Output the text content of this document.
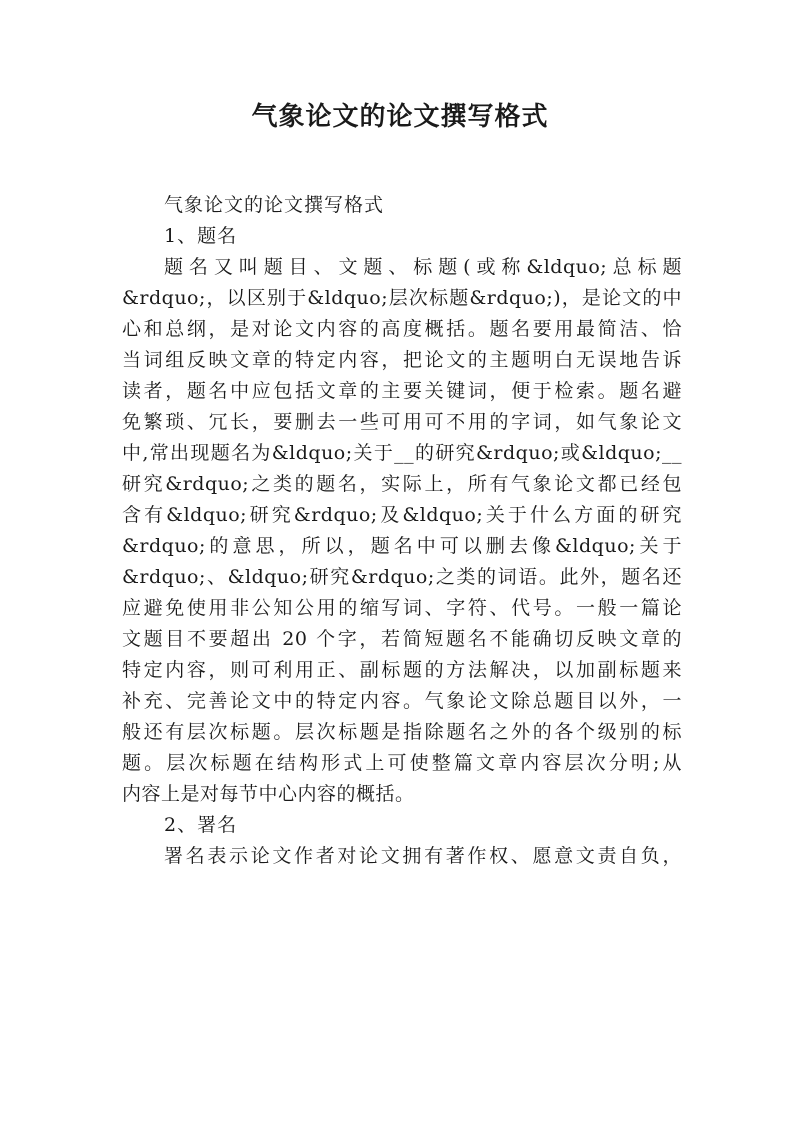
气象论文的论文撰写格式
气象论文的论文撰写格式
1、题名
题名又叫题目、文题、标题(或称&ldquo;总标题
&rdquo;，以区别于&ldquo;层次标题&rdquo;)，是论文的中
心和总纲，是对论文内容的高度概括。题名要用最简洁、恰
当词组反映文章的特定内容，把论文的主题明白无误地告诉
读者，题名中应包括文章的主要关键词，便于检索。题名避
免繁琐、冗长，要删去一些可用可不用的字词，如气象论文
中,常出现题名为&ldquo;关于__的研究&rdquo;或&ldquo;__
研究&rdquo;之类的题名，实际上，所有气象论文都已经包
含有&ldquo;研究&rdquo;及&ldquo;关于什么方面的研究
&rdquo;的意思，所以，题名中可以删去像&ldquo;关于
&rdquo;、&ldquo;研究&rdquo;之类的词语。此外，题名还
应避免使用非公知公用的缩写词、字符、代号。一般一篇论
文题目不要超出 20 个字，若简短题名不能确切反映文章的
特定内容，则可利用正、副标题的方法解决，以加副标题来
补充、完善论文中的特定内容。气象论文除总题目以外，一
般还有层次标题。层次标题是指除题名之外的各个级别的标
题。层次标题在结构形式上可使整篇文章内容层次分明;从
内容上是对每节中心内容的概括。
2、署名
署名表示论文作者对论文拥有著作权、愿意文责自负，
